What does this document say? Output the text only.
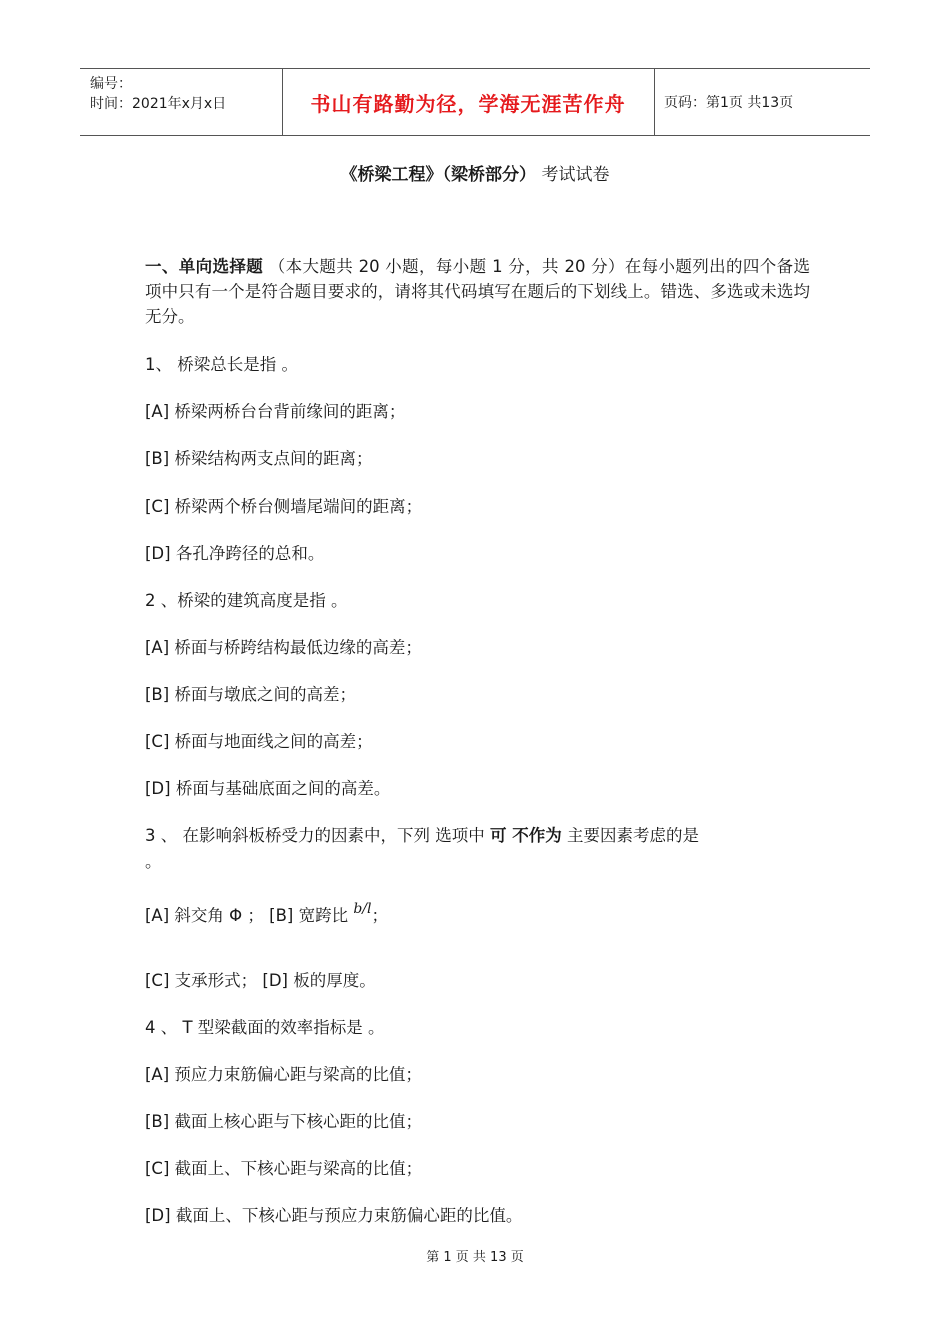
编号：
时间：2021年x月x日	书山有路勤为径，学海无涯苦作舟	页码：第1页 共13页
《桥梁工程》（梁桥部分） 考试试卷

一、单向选择题 （本大题共 20 小题，每小题 1 分，共 20 分）在每小题列出的四个备选项中只有一个是符合题目要求的，请将其代码填写在题后的下划线上。错选、多选或未选均无分。

1、 桥梁总长是指 。
[A] 桥梁两桥台台背前缘间的距离；
[B] 桥梁结构两支点间的距离；
[C] 桥梁两个桥台侧墙尾端间的距离；
[D] 各孔净跨径的总和。
2 、桥梁的建筑高度是指 。
[A] 桥面与桥跨结构最低边缘的高差；
[B] 桥面与墩底之间的高差；
[C] 桥面与地面线之间的高差；
[D] 桥面与基础底面之间的高差。
3 、 在影响斜板桥受力的因素中，下列 选项中 可 不作为 主要因素考虑的是
。
[A] 斜交角 Φ ； [B] 宽跨比 $^{b/l}$；
[C] 支承形式； [D] 板的厚度。
4 、 T 型梁截面的效率指标是 。
[A] 预应力束筋偏心距与梁高的比值；
[B] 截面上核心距与下核心距的比值；
[C] 截面上、下核心距与梁高的比值；
[D] 截面上、下核心距与预应力束筋偏心距的比值。
第 1 页 共 13 页
